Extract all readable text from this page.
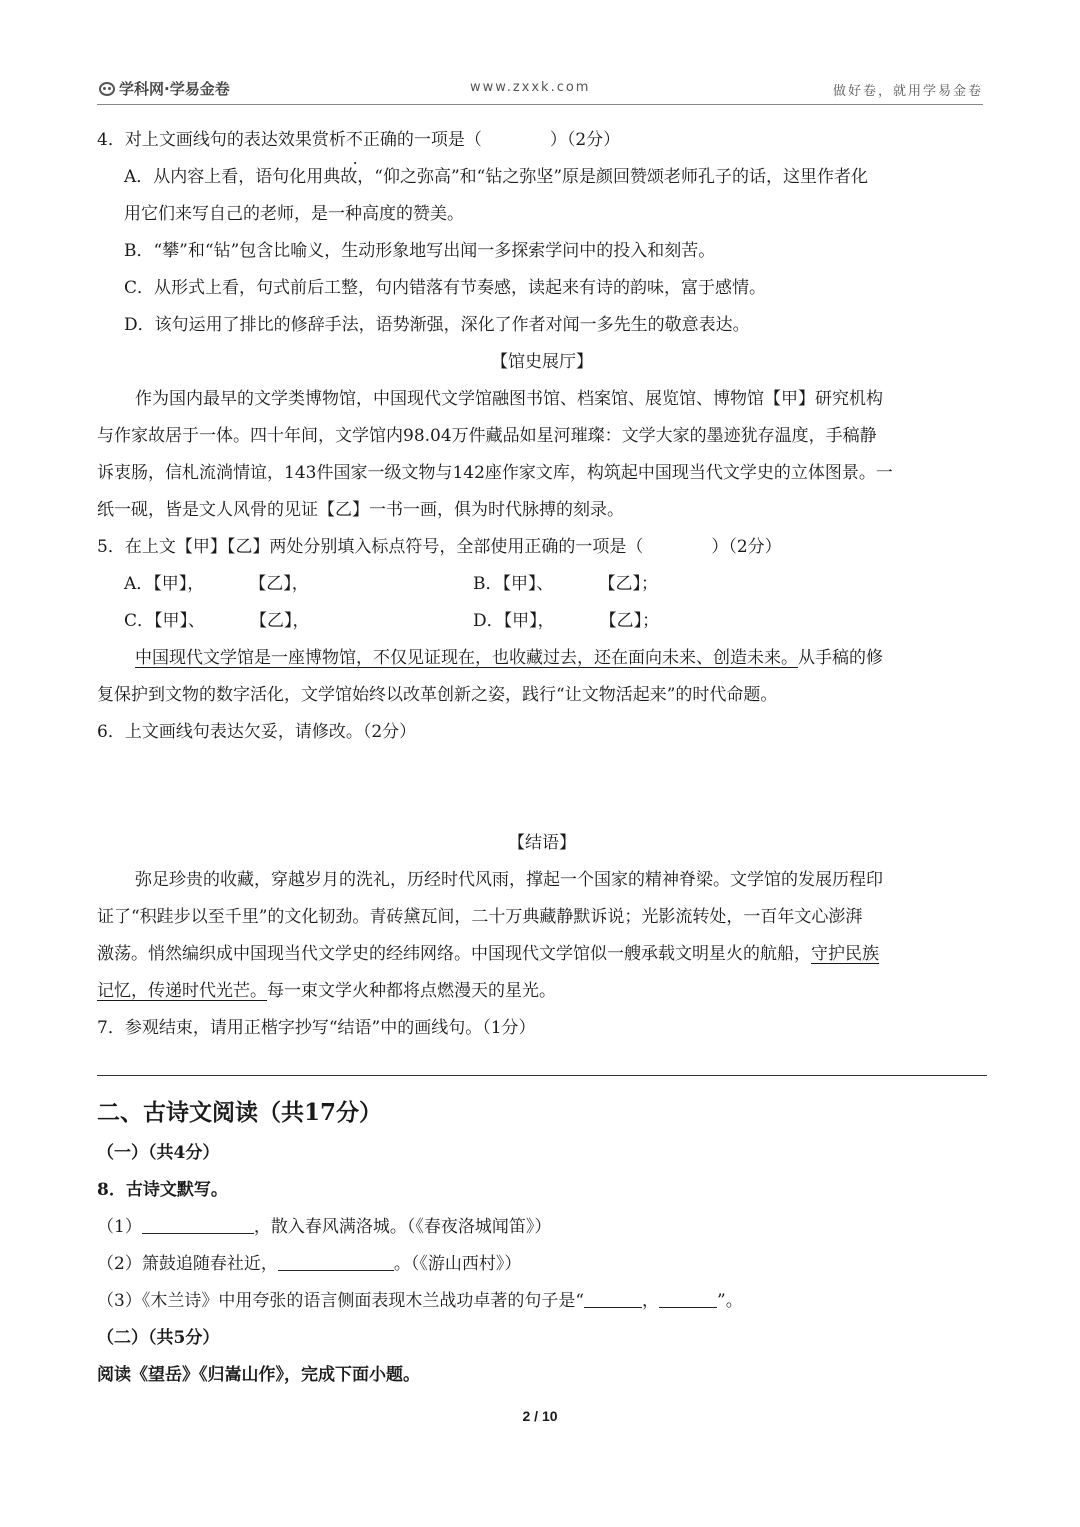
学科网·学易金卷	www.zxxk.com	做好卷，就用学易金卷
4．对上文画线句的表达效果赏析不正确的一项是（　　　　）（2分）
A．从内容上看，语句化用典故，“仰之弥高”和“钻之弥坚”原是颜回赞颂老师孔子的话，这里作者化
用它们来写自己的老师，是一种高度的赞美。
B．“攀”和“钻”包含比喻义，生动形象地写出闻一多探索学问中的投入和刻苦。
C．从形式上看，句式前后工整，句内错落有节奏感，读起来有诗的韵味，富于感情。
D．该句运用了排比的修辞手法，语势渐强，深化了作者对闻一多先生的敬意表达。
【馆史展厅】
作为国内最早的文学类博物馆，中国现代文学馆融图书馆、档案馆、展览馆、博物馆【甲】研究机构
与作家故居于一体。四十年间，文学馆内98.04万件藏品如星河璀璨：文学大家的墨迹犹存温度，手稿静
诉衷肠，信札流淌情谊，143件国家一级文物与142座作家文库，构筑起中国现当代文学史的立体图景。一
纸一砚，皆是文人风骨的见证【乙】一书一画，俱为时代脉搏的刻录。
5．在上文【甲】【乙】两处分别填入标点符号，全部使用正确的一项是（　　　　）（2分）
A．【甲】，	【乙】，	B．【甲】、	【乙】；
C．【甲】、	【乙】，	D．【甲】，	【乙】；
中国现代文学馆是一座博物馆，不仅见证现在，也收藏过去，还在面向未来、创造未来。从手稿的修
复保护到文物的数字活化，文学馆始终以改革创新之姿，践行“让文物活起来”的时代命题。
6．上文画线句表达欠妥，请修改。（2分）
【结语】
弥足珍贵的收藏，穿越岁月的洗礼，历经时代风雨，撑起一个国家的精神脊梁。文学馆的发展历程印
证了“积跬步以至千里”的文化韧劲。青砖黛瓦间，二十万典藏静默诉说；光影流转处，一百年文心澎湃
激荡。悄然编织成中国现当代文学史的经纬网络。中国现代文学馆似一艘承载文明星火的航船，守护民族
记忆，传递时代光芒。每一束文学火种都将点燃漫天的星光。
7．参观结束，请用正楷字抄写“结语”中的画线句。（1分）
二、古诗文阅读（共17分）
（一）（共4分）
8．古诗文默写。
（1）	，散入春风满洛城。（《春夜洛城闻笛》）
（2）箫鼓追随春社近，	。（《游山西村》）
（3）《木兰诗》中用夸张的语言侧面表现木兰战功卓著的句子是“	，	”。
（二）（共5分）
阅读《望岳》《归嵩山作》，完成下面小题。
2 / 10
